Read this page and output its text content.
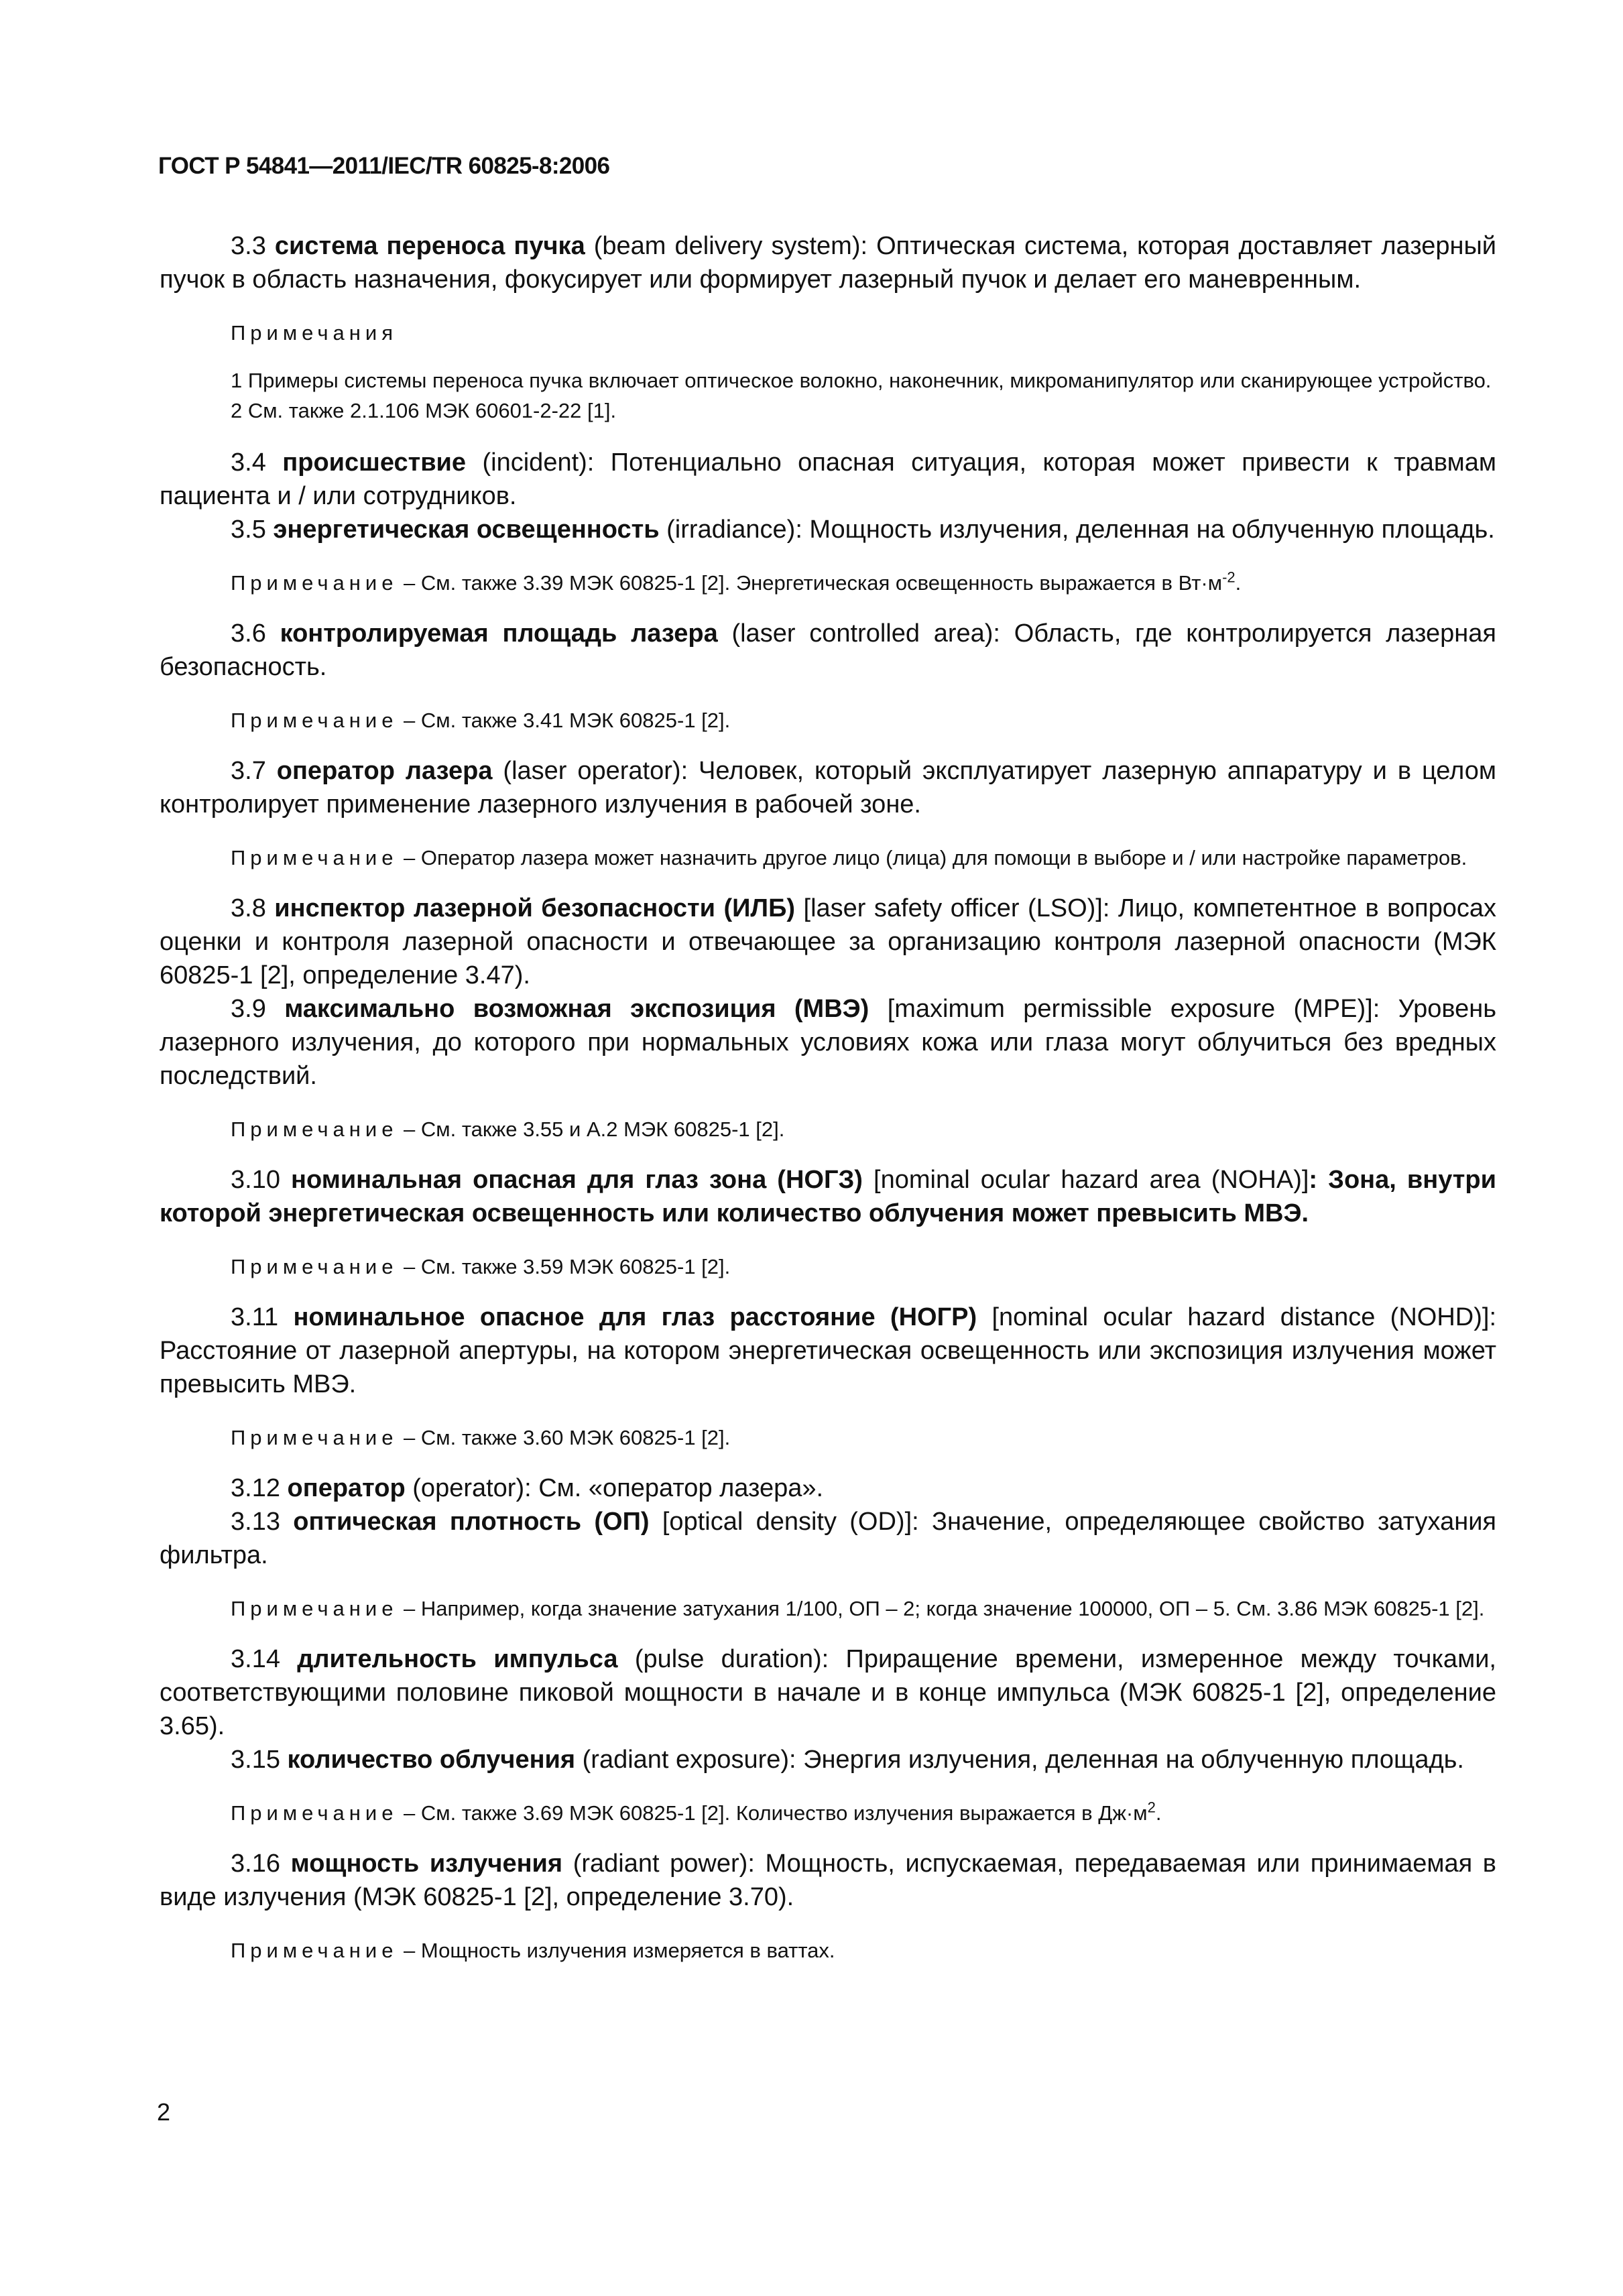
ГОСТ Р 54841—2011/IEC/TR 60825-8:2006

3.3 система переноса пучка (beam delivery system): Оптическая система, которая доставляет лазерный пучок в область назначения, фокусирует или формирует лазерный пучок и делает его маневренным.

Примечания

1 Примеры системы переноса пучка включает оптическое волокно, наконечник, микроманипулятор или сканирующее устройство.

2 См. также 2.1.106 МЭК 60601-2-22 [1].

3.4 происшествие (incident): Потенциально опасная ситуация, которая может привести к травмам пациента и / или сотрудников.

3.5 энергетическая освещенность (irradiance): Мощность излучения, деленная на облученную площадь.

Примечание – См. также 3.39 МЭК 60825-1 [2]. Энергетическая освещенность выражается в $Вт\cdot м^{-2}$.

3.6 контролируемая площадь лазера (laser controlled area): Область, где контролируется лазерная безопасность.

Примечание – См. также 3.41 МЭК 60825-1 [2].

3.7 оператор лазера (laser operator): Человек, который эксплуатирует лазерную аппаратуру и в целом контролирует применение лазерного излучения в рабочей зоне.

Примечание – Оператор лазера может назначить другое лицо (лица) для помощи в выборе и / или настройке параметров.

3.8 инспектор лазерной безопасности (ИЛБ) [laser safety officer (LSO)]: Лицо, компетентное в вопросах оценки и контроля лазерной опасности и отвечающее за организацию контроля лазерной опасности (МЭК 60825-1 [2], определение 3.47).

3.9 максимально возможная экспозиция (МВЭ) [maximum permissible exposure (MPE)]: Уровень лазерного излучения, до которого при нормальных условиях кожа или глаза могут облучиться без вредных последствий.

Примечание – См. также 3.55 и А.2 МЭК 60825-1 [2].

3.10 номинальная опасная для глаз зона (НОГЗ) [nominal ocular hazard area (NOHA)]: Зона, внутри которой энергетическая освещенность или количество облучения может превысить МВЭ.

Примечание – См. также 3.59 МЭК 60825-1 [2].

3.11 номинальное опасное для глаз расстояние (НОГР) [nominal ocular hazard distance (NOHD)]: Расстояние от лазерной апертуры, на котором энергетическая освещенность или экспозиция излучения может превысить МВЭ.

Примечание – См. также 3.60 МЭК 60825-1 [2].

3.12 оператор (operator): См. «оператор лазера».

3.13 оптическая плотность (ОП) [optical density (OD)]: Значение, определяющее свойство затухания фильтра.

Примечание – Например, когда значение затухания 1/100, ОП – 2; когда значение 100000, ОП – 5. См. 3.86 МЭК 60825-1 [2].

3.14 длительность импульса (pulse duration): Приращение времени, измеренное между точками, соответствующими половине пиковой мощности в начале и в конце импульса (МЭК 60825-1 [2], определение 3.65).

3.15 количество облучения (radiant exposure): Энергия излучения, деленная на облученную площадь.

Примечание – См. также 3.69 МЭК 60825-1 [2]. Количество излучения выражается в $Дж\cdot м^2$.

3.16 мощность излучения (radiant power): Мощность, испускаемая, передаваемая или принимаемая в виде излучения (МЭК 60825-1 [2], определение 3.70).

Примечание – Мощность излучения измеряется в ваттах.

2
